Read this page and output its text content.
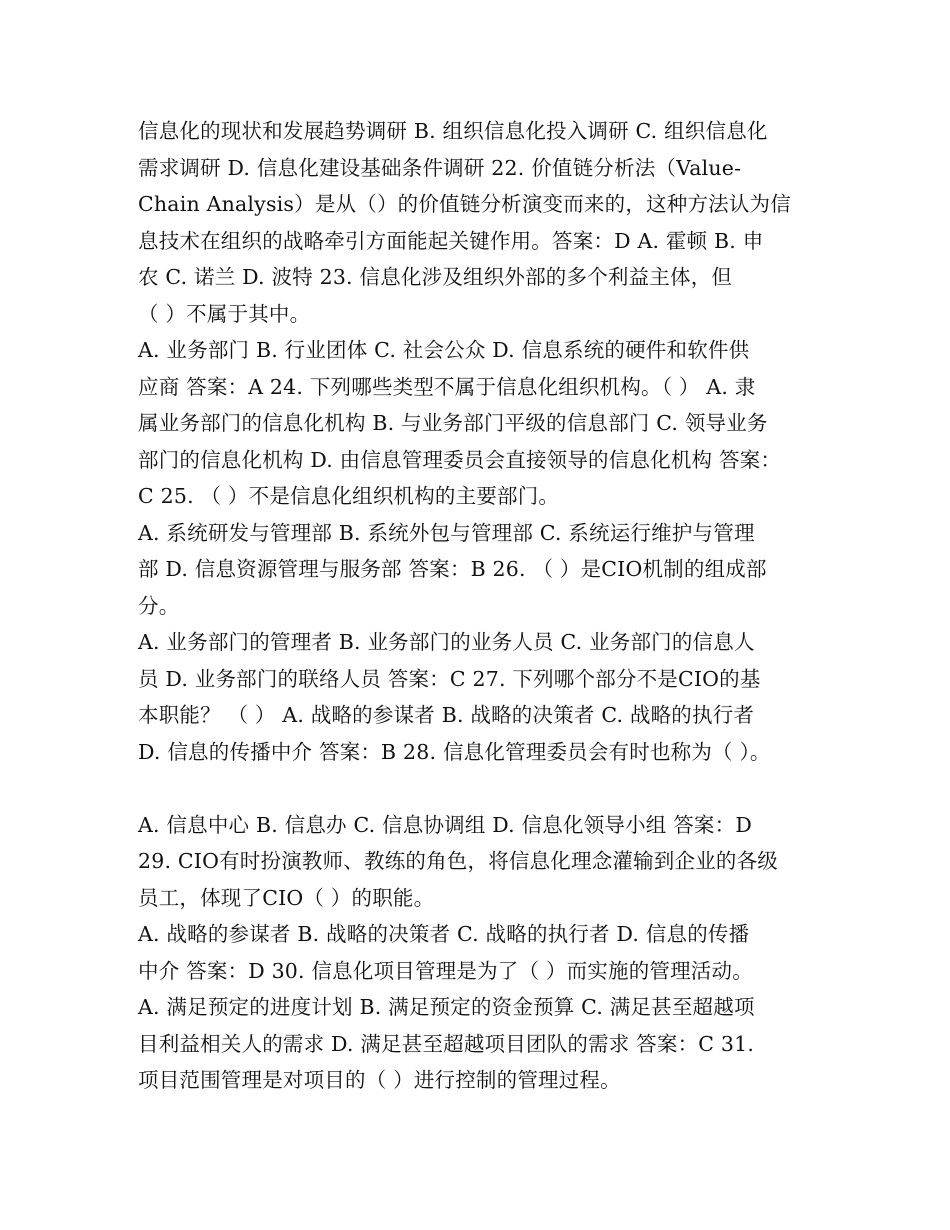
信息化的现状和发展趋势调研 B. 组织信息化投入调研 C. 组织信息化
需求调研 D. 信息化建设基础条件调研 22. 价值链分析法（Value-
Chain Analysis）是从（）的价值链分析演变而来的，这种方法认为信
息技术在组织的战略牵引方面能起关键作用。答案：D A. 霍顿 B. 申
农 C. 诺兰 D. 波特 23. 信息化涉及组织外部的多个利益主体，但
（ ）不属于其中。
A. 业务部门 B. 行业团体 C. 社会公众 D. 信息系统的硬件和软件供
应商 答案：A 24. 下列哪些类型不属于信息化组织机构。（ ） A. 隶
属业务部门的信息化机构 B. 与业务部门平级的信息部门 C. 领导业务
部门的信息化机构 D. 由信息管理委员会直接领导的信息化机构 答案：
C 25. （ ）不是信息化组织机构的主要部门。
A. 系统研发与管理部 B. 系统外包与管理部 C. 系统运行维护与管理
部 D. 信息资源管理与服务部 答案：B 26. （ ）是CIO机制的组成部
分。
A. 业务部门的管理者 B. 业务部门的业务人员 C. 业务部门的信息人
员 D. 业务部门的联络人员 答案：C 27. 下列哪个部分不是CIO的基
本职能？ （ ） A. 战略的参谋者 B. 战略的决策者 C. 战略的执行者
D. 信息的传播中介 答案：B 28. 信息化管理委员会有时也称为（ ）。
A. 信息中心 B. 信息办 C. 信息协调组 D. 信息化领导小组 答案：D
29. CIO有时扮演教师、教练的角色，将信息化理念灌输到企业的各级
员工，体现了CIO（ ）的职能。
A. 战略的参谋者 B. 战略的决策者 C. 战略的执行者 D. 信息的传播
中介 答案：D 30. 信息化项目管理是为了（ ）而实施的管理活动。
A. 满足预定的进度计划 B. 满足预定的资金预算 C. 满足甚至超越项
目利益相关人的需求 D. 满足甚至超越项目团队的需求 答案：C 31.
项目范围管理是对项目的（ ）进行控制的管理过程。
